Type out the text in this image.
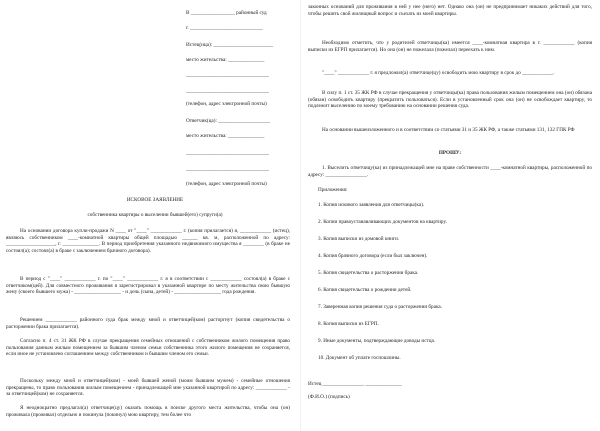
В _________________ районный суд
г. ____________________________
Истец(ица): _______________________
место жительства: ______________
________________________________
________________________________
(телефон, адрес электронной почты)
Ответчик(ца): ____________________
место жительства: ______________
________________________________
________________________________
(телефон, адрес электронной почты)
ИСКОВОЕ ЗАЯВЛЕНИЕ
собственника квартиры о выселении бывшей(его) супруги(а)
На основании договора купли-продажи N ____ от "____" ____________ г. (копия прилагается) я, ____________ (истец), являюсь собственником ____-комнатной квартиры общей площадью ______ кв. м, расположенной по адресу: ___________________, г. ______________. В период приобретения указанного недвижимого имущества я ________ (в браке не состоял(а); состоял(а) в браке с заключением брачного договора).
В период с "____" ____________ г. по "____" ____________ г. я в соответствии с ____________ состоял(а) в браке с ответчиком(цей). Для совместного проживания я зарегистрировал в указанной квартире по месту жительства свою бывшую жену (своего бывшего мужа) - __________________ - и дочь (сына, детей) - __________________ года рождения.
Решением ____________ районного суда брак между мной и ответчицей(ком) расторгнут (копия свидетельства о расторжении брака прилагается).
Согласно п. 4 ст. 31 ЖК РФ в случае прекращения семейных отношений с собственником жилого помещения право пользования данным жилым помещением за бывшим членом семьи собственника этого жилого помещения не сохраняется, если иное не установлено соглашением между собственником и бывшим членом его семьи.
Поскольку между мной и ответчицей(ком) - моей бывшей женой (моим бывшим мужем) - семейные отношения прекращены, то право пользования жилым помещением - принадлежащей мне указанной квартирой по адресу: ____________ - за ответчицей(ком) не сохраняется.
Я неоднократно предлагал(а) ответчице(цу) оказать помощь в поиске другого места жительства, чтобы она (он) проживала (проживал) отдельно и покинула (покинул) мою квартиру, тем более что
законных оснований для проживания в ней у нее (него) нет. Однако она (он) не предпринимает никаких действий для того, чтобы решить свой жилищный вопрос и съехать из моей квартиры.
Необходимо отметить, что у родителей ответчицы(ка) имеется ____-комнатная квартира в г. ____________ (копия выписки из ЕГРП прилагается). Но она (он) не пожелала (пожелал) переехать к ним.
"____" ____________ г. я предложил(а) ответчице(цу) освободить мою квартиру в срок до ____________.
В силу п. 1 ст. 35 ЖК РФ в случае прекращения у ответчицы(ка) права пользования жилым помещением она (он) обязана (обязан) освободить квартиру (прекратить пользоваться). Если в установленный срок она (он) не освобождает квартиру, то подлежит выселению по моему требованию на основании решения суда.
На основании вышеизложенного и в соответствии со статьями 31 и 35 ЖК РФ, а также статьями 131, 132 ГПК РФ
ПРОШУ:
1. Выселить ответчицу(ка) из принадлежащей мне на праве собственности ____-комнатной квартиры, расположенной по адресу: ________________.
Приложения:
1. Копия искового заявления для ответчицы(ка).
2. Копии правоустанавливающих документов на квартиру.
3. Копия выписки из домовой книги.
4. Копия брачного договора (если был заключен).
5. Копия свидетельства о расторжении брака.
6. Копия свидетельства о рождении детей.
7. Заверенная копия решения суда о расторжении брака.
8. Копия выписки из ЕГРП.
9. Иные документы, подтверждающие доводы истца.
10. Документ об уплате госпошлины.
Истец ________________ ______________
(Ф.И.О.) (подпись)
